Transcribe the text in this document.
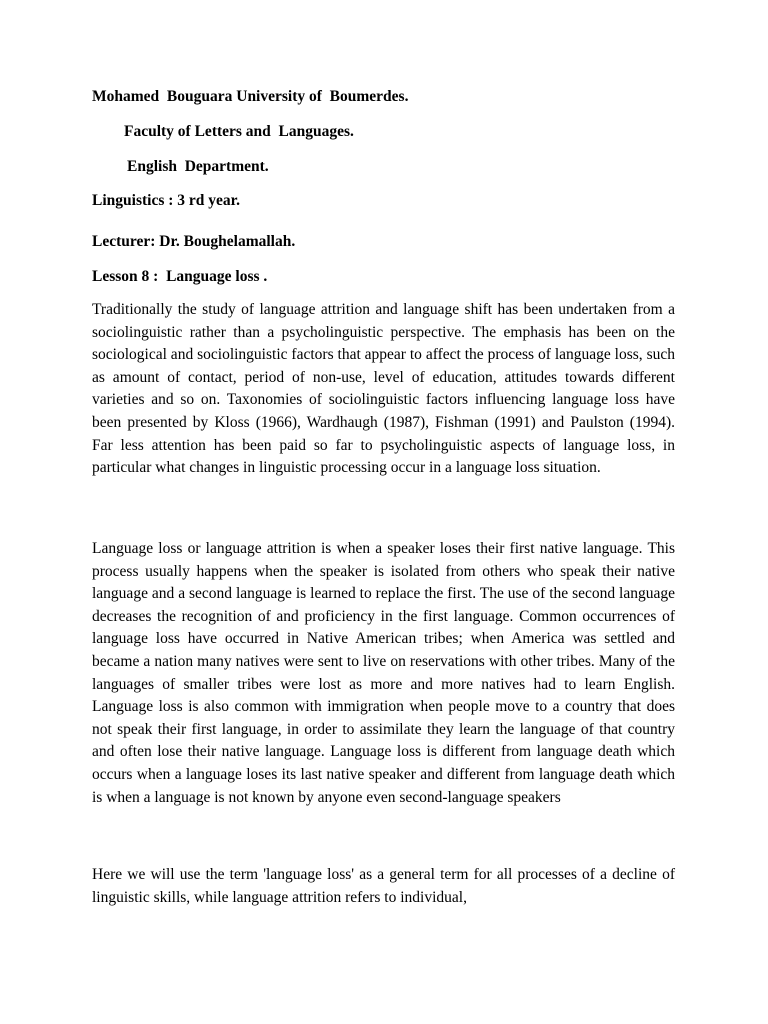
Mohamed  Bouguara University of  Boumerdes.
Faculty of Letters and  Languages.
English  Department.
Linguistics : 3 rd year.
Lecturer: Dr. Boughelamallah.
Lesson 8 :  Language loss .

Traditionally the study of language attrition and language shift has been undertaken from a sociolinguistic rather than a psycholinguistic perspective. The emphasis has been on the sociological and sociolinguistic factors that appear to affect the process of language loss, such as amount of contact, period of non-use, level of education, attitudes towards different varieties and so on. Taxonomies of sociolinguistic factors influencing language loss have been presented by Kloss (1966), Wardhaugh (1987), Fishman (1991) and Paulston (1994). Far less attention has been paid so far to psycholinguistic aspects of language loss, in particular what changes in linguistic processing occur in a language loss situation.

Language loss or language attrition is when a speaker loses their first native language. This process usually happens when the speaker is isolated from others who speak their native language and a second language is learned to replace the first. The use of the second language decreases the recognition of and proficiency in the first language. Common occurrences of language loss have occurred in Native American tribes; when America was settled and became a nation many natives were sent to live on reservations with other tribes. Many of the languages of smaller tribes were lost as more and more natives had to learn English. Language loss is also common with immigration when people move to a country that does not speak their first language, in order to assimilate they learn the language of that country and often lose their native language. Language loss is different from language death which occurs when a language loses its last native speaker and different from language death which is when a language is not known by anyone even second-language speakers

Here we will use the term 'language loss' as a general term for all processes of a decline of linguistic skills, while language attrition refers to individual,
